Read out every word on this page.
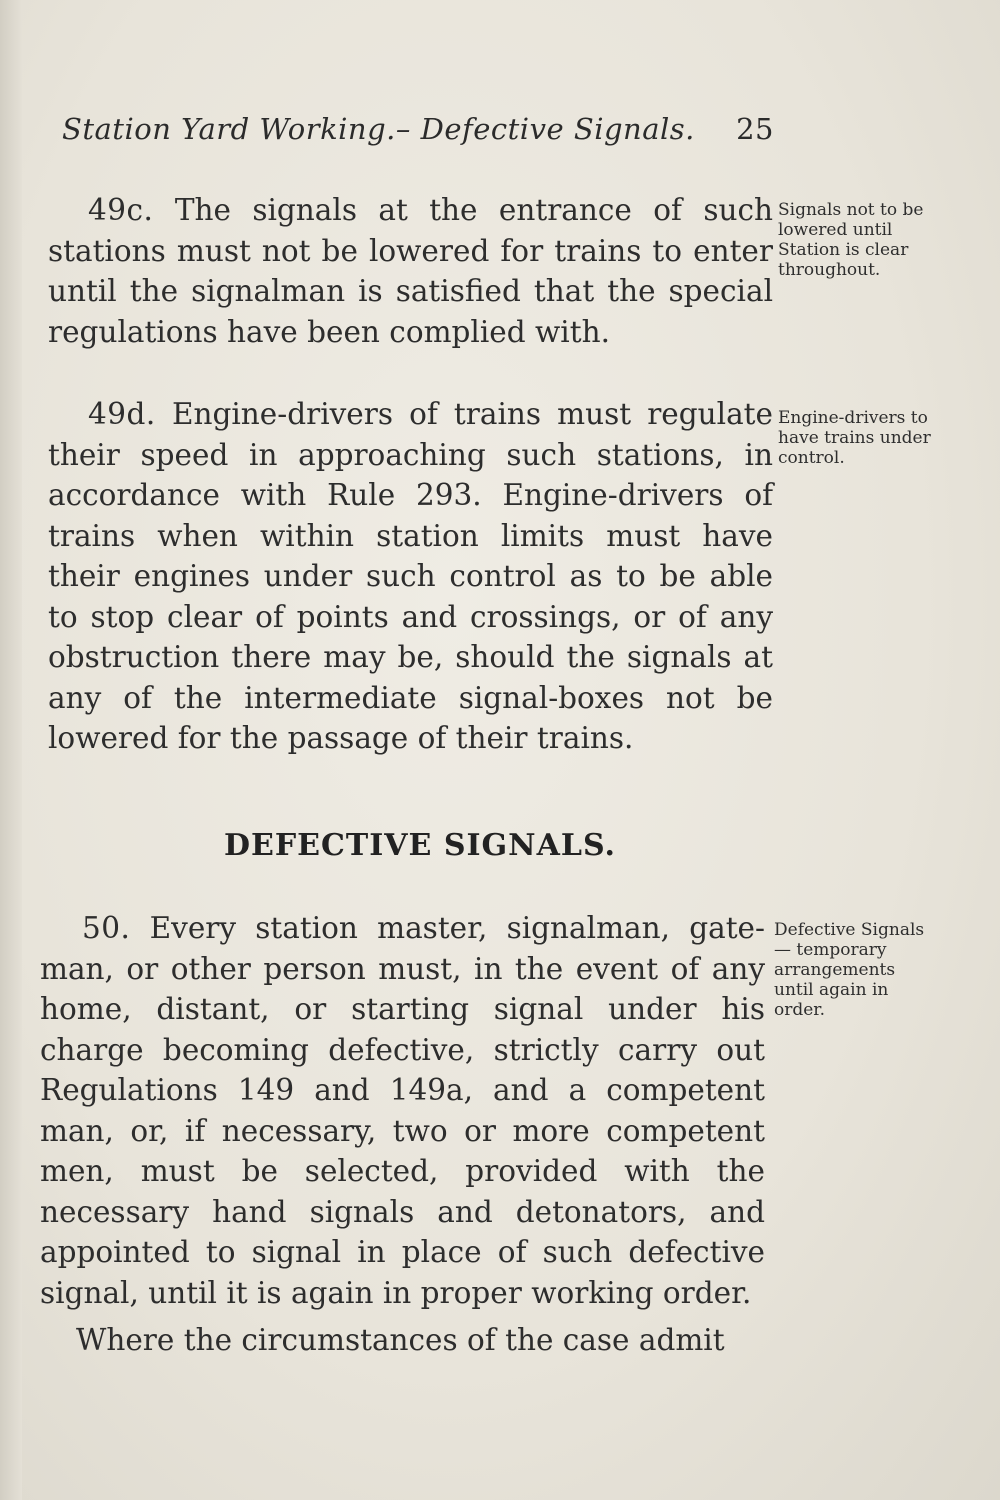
Station Yard Working.– Defective Signals. 25
49c. The signals at the entrance of such stations must not be lowered for trains to enter until the signalman is satisfied that the special regulations have been complied with.
Signals not to be lowered until Station is clear throughout.
49d. Engine-drivers of trains must regulate their speed in approaching such stations, in accordance with Rule 293. Engine-drivers of trains when within station limits must have their engines under such control as to be able to stop clear of points and crossings, or of any obstruction there may be, should the signals at any of the intermediate signal-boxes not be lowered for the passage of their trains.
Engine-drivers to have trains under control.
DEFECTIVE SIGNALS.
50. Every station master, signalman, gate-man, or other person must, in the event of any home, distant, or starting signal under his charge becoming defective, strictly carry out Regulations 149 and 149a, and a competent man, or, if necessary, two or more competent men, must be selected, provided with the necessary hand signals and detonators, and appointed to signal in place of such defective signal, until it is again in proper working order.
Where the circumstances of the case admit
Defective Signals— temporary arrangements until again in order.
